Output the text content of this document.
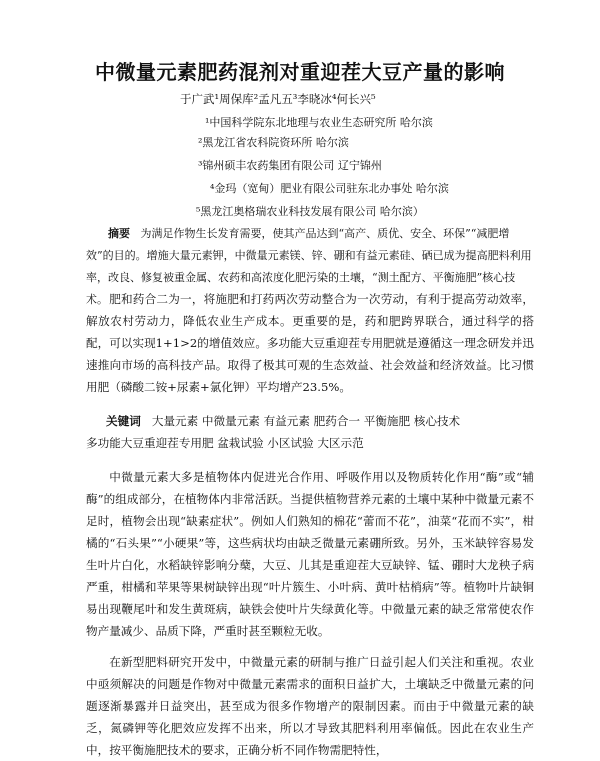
中微量元素肥药混剂对重迎茬大豆产量的影响
于广武¹周保库²孟凡五³李晓冰⁴何长兴⁵
¹中国科学院东北地理与农业生态研究所 哈尔滨
²黑龙江省农科院资环所 哈尔滨
³锦州硕丰农药集团有限公司 辽宁锦州
⁴金玛（宽甸）肥业有限公司驻东北办事处 哈尔滨
⁵黑龙江奥格瑞农业科技发展有限公司 哈尔滨）
摘要 为满足作物生长发育需要，使其产品达到“高产、质优、安全、环保”“减肥增效”的目的。增施大量元素钾，中微量元素镁、锌、硼和有益元素硅、硒已成为提高肥料利用率，改良、修复被重金属、农药和高浓度化肥污染的土壤，“测土配方、平衡施肥”核心技术。 肥和药合二为一，将施肥和打药两次劳动整合为一次劳动，有利于提高劳动效率，解放农村劳动力，降低农业生产成本。更重要的是，药和肥跨界联合，通过科学的搭配，可以实现1+1>2的增值效应。多功能大豆重迎茬专用肥就是遵循这一理念研发并迅速推向市场的高科技产品。取得了极其可观的生态效益、社会效益和经济效益。比习惯用肥（磷酸二铵+尿素+氯化钾）平均增产23.5%。
关键词 大量元素 中微量元素 有益元素 肥药合一 平衡施肥 核心技术
多功能大豆重迎茬专用肥 盆栽试验 小区试验 大区示范
中微量元素大多是植物体内促进光合作用、呼吸作用以及物质转化作用“酶”或“辅酶”的组成部分，在植物体内非常活跃。当提供植物营养元素的土壤中某种中微量元素不足时，植物会出现“缺素症状”。例如人们熟知的棉花“蕾而不花”，油菜“花而不实”，柑橘的“石头果”“小硬果”等，这些病状均由缺乏微量元素硼所致。另外，玉米缺锌容易发生叶片白化，水稻缺锌影响分蘖，大豆、儿其是重迎茬大豆缺锌、锰、硼时大龙秧子病严重，柑橘和苹果等果树缺锌出现“叶片簇生、小叶病、黄叶枯梢病”等。植物叶片缺铜易出现鞭尾叶和发生黄斑病，缺铁会使叶片失绿黄化等。中微量元素的缺乏常常使农作物产量减少、品质下降，严重时甚至颗粒无收。
在新型肥料研究开发中，中微量元素的研制与推广日益引起人们关注和重视。农业中亟须解决的问题是作物对中微量元素需求的面积日益扩大，土壤缺乏中微量元素的问题逐渐暴露并日益突出，甚至成为很多作物增产的限制因素。而由于中微量元素的缺乏，氮磷钾等化肥效应发挥不出来，所以才导致其肥料利用率偏低。因此在农业生产中，按平衡施肥技术的要求，正确分析不同作物需肥特性，
